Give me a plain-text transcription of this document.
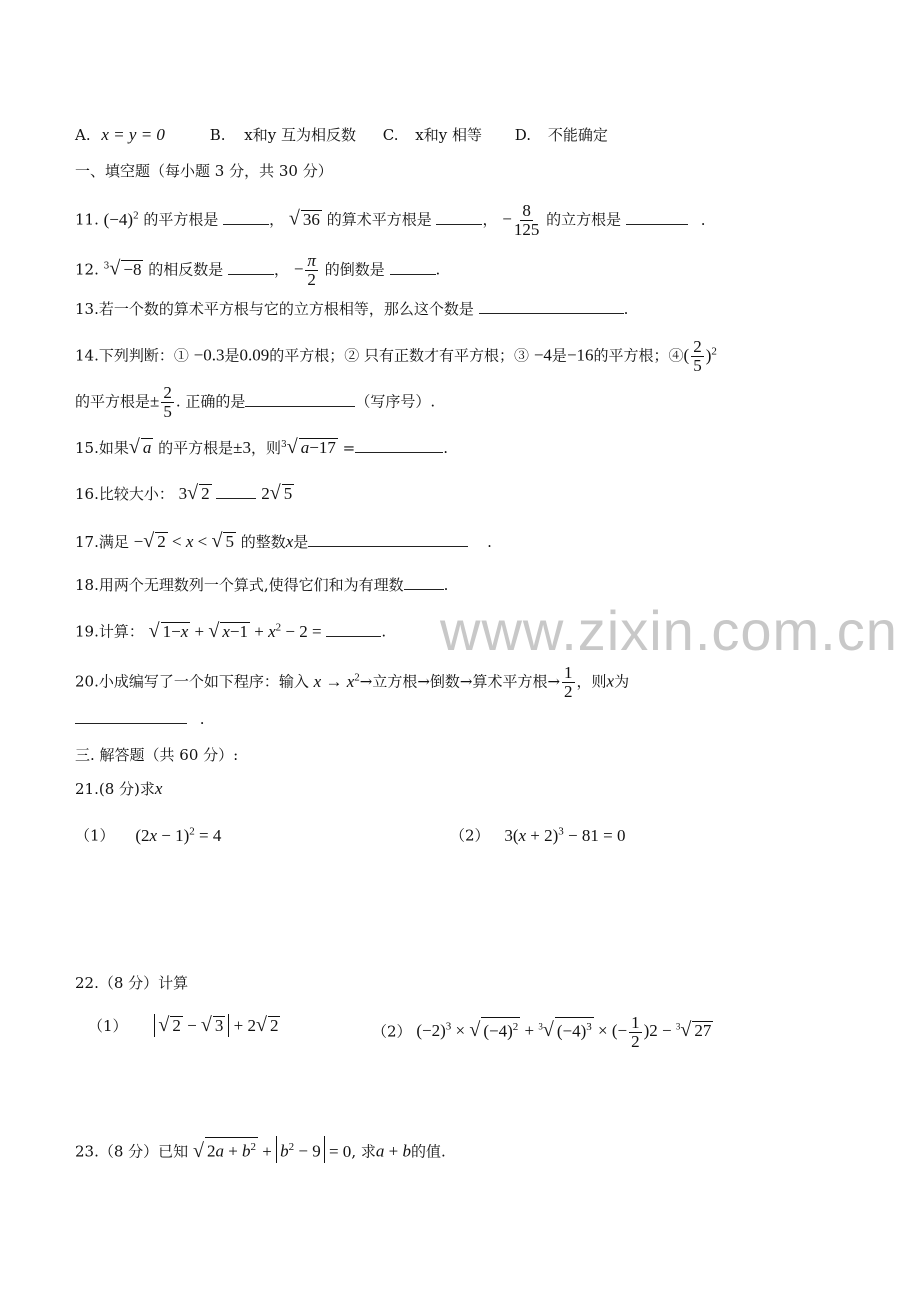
www.zixin.com.cn
A. x = y = 0	B. x和y 互为相反数 C. x和y 相等 D. 不能确定
一、填空题（每小题 3 分，共 30 分）
11. $(-4)^2$ 的平方根是	， √ 36 的算术平方根是	， − $\frac{8}{125}$ 的立方根是	.
12. $^3$√ −8 的相反数是	， − $\frac{\pi}{2}$ 的倒数是	.
13.若一个数的算术平方根与它的立方根相等，那么这个数是	.
14.下列判断：① −0.3是0.09的平方根；② 只有正数才有平方根；③ −4是−16的平方根；④( $\frac{2}{5} )^2$
的平方根是± $\frac{2}{5}$ . 正确的是	（写序号）.
15.如果√ a 的平方根是±3，则$^3$√ a−17 =	.
16.比较大小： 3√ 2	2√ 5
17.满足 −√ 2 < x < √ 5 的整数x是	.
18.用两个无理数列一个算式,使得它们和为有理数	.
19.计算： √ 1−x + √ $x-1 + x^2 - 2$ =	.
20.小成编写了一个如下程序：输入 $x \to x^2\to$立方根→倒数→算术平方根→ $\frac{1}{2}$ ，则x为
.
三. 解答题（共 60 分）:
21.(8 分)求x
（1） $(2x - 1)^2 = 4$	（2） $3(x + 2)^3 - 81 = 0$
22.（8 分）计算
（1） √ 2 − √ 3 + 2√ 2	（2） $(-2)^3$ × √ $(-4)^2 + ^3√$ $(-4)^3$ × (− $\frac{1}{2} )2 - ^3√$ 27
23.（8 分）已知 √ $2a + b^2 + b^2 - 9 = 0$, 求a + b的值.
